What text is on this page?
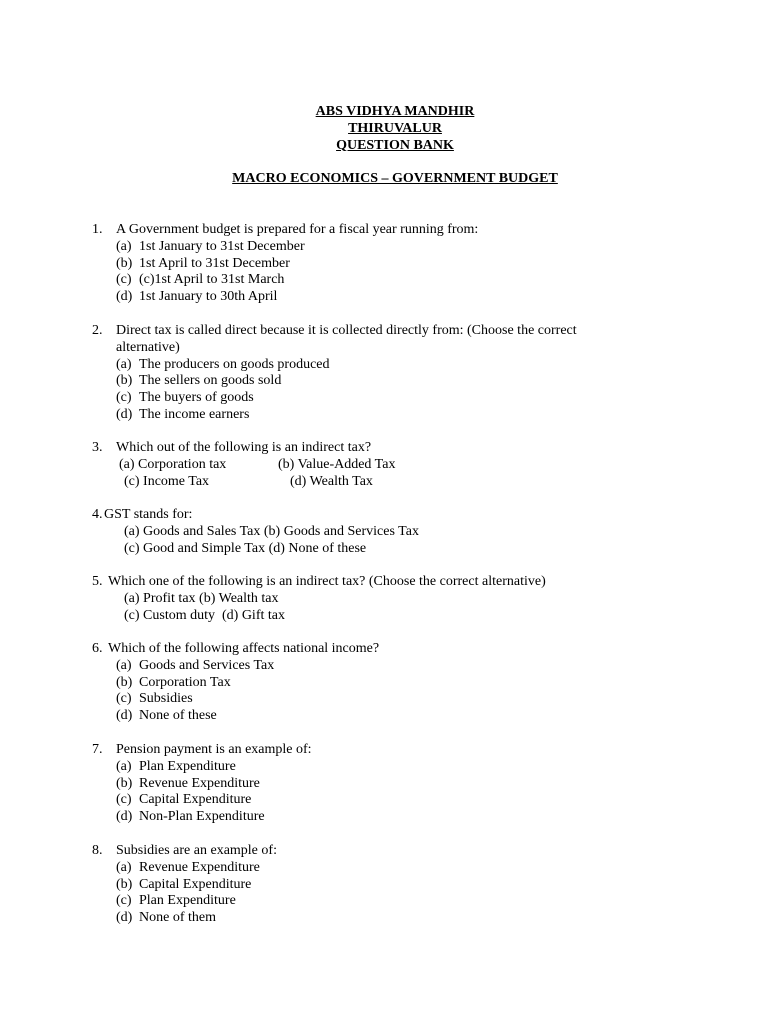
ABS VIDHYA MANDHIR
THIRUVALUR
QUESTION BANK
MACRO ECONOMICS – GOVERNMENT BUDGET
1. A Government budget is prepared for a fiscal year running from:
(a) 1st January to 31st December
(b) 1st April to 31st December
(c) (c)1st April to 31st March
(d) 1st January to 30th April
2. Direct tax is called direct because it is collected directly from: (Choose the correct
alternative)
(a) The producers on goods produced
(b) The sellers on goods sold
(c) The buyers of goods
(d) The income earners
3. Which out of the following is an indirect tax?

(a) Corporation tax

	(b) Value-Added Tax

(c) Income Tax

	(d) Wealth Tax

4. GST stands for:
(a) Goods and Sales Tax (b) Goods and Services Tax
(c) Good and Simple Tax (d) None of these
5. Which one of the following is an indirect tax? (Choose the correct alternative)
(a) Profit tax (b) Wealth tax
(c) Custom duty  (d) Gift tax
6. Which of the following affects national income?
(a) Goods and Services Tax
(b) Corporation Tax
(c) Subsidies
(d) None of these
7. Pension payment is an example of:
(a) Plan Expenditure
(b) Revenue Expenditure
(c) Capital Expenditure
(d) Non-Plan Expenditure
8. Subsidies are an example of:
(a) Revenue Expenditure
(b) Capital Expenditure
(c) Plan Expenditure
(d) None of them
